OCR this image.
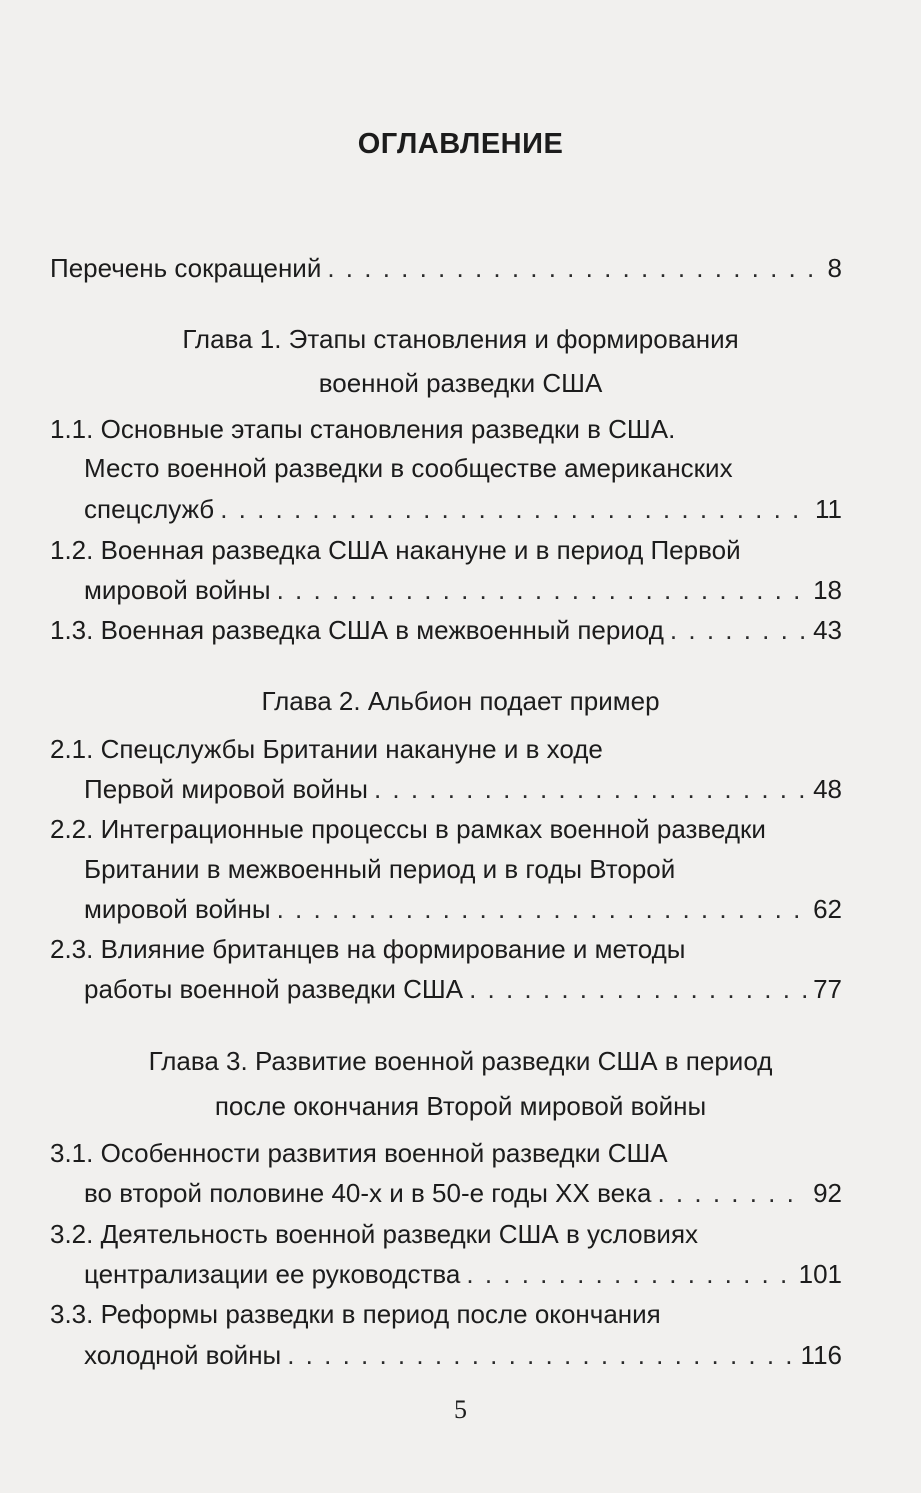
ОГЛАВЛЕНИЕ
Перечень сокращений . . .	8
Глава 1. Этапы становления и формирования
военной разведки США
1.1. Основные этапы становления разведки в США.
Место военной разведки в сообществе американских
спецслужб . . .	11
1.2. Военная разведка США накануне и в период Первой
мировой войны . . .	18
1.3. Военная разведка США в межвоенный период . . .	43
Глава 2. Альбион подает пример
2.1. Спецслужбы Британии накануне и в ходе
Первой мировой войны . . .	48
2.2. Интеграционные процессы в рамках военной разведки
Британии в межвоенный период и в годы Второй
мировой войны . . .	62
2.3. Влияние британцев на формирование и методы
работы военной разведки США . . .	77
Глава 3. Развитие военной разведки США в период
после окончания Второй мировой войны
3.1. Особенности развития военной разведки США
во второй половине 40-х и в 50-е годы XX века . . .	92
3.2. Деятельность военной разведки США в условиях
централизации ее руководства . . .	101
3.3. Реформы разведки в период после окончания
холодной войны . . .	116
5
